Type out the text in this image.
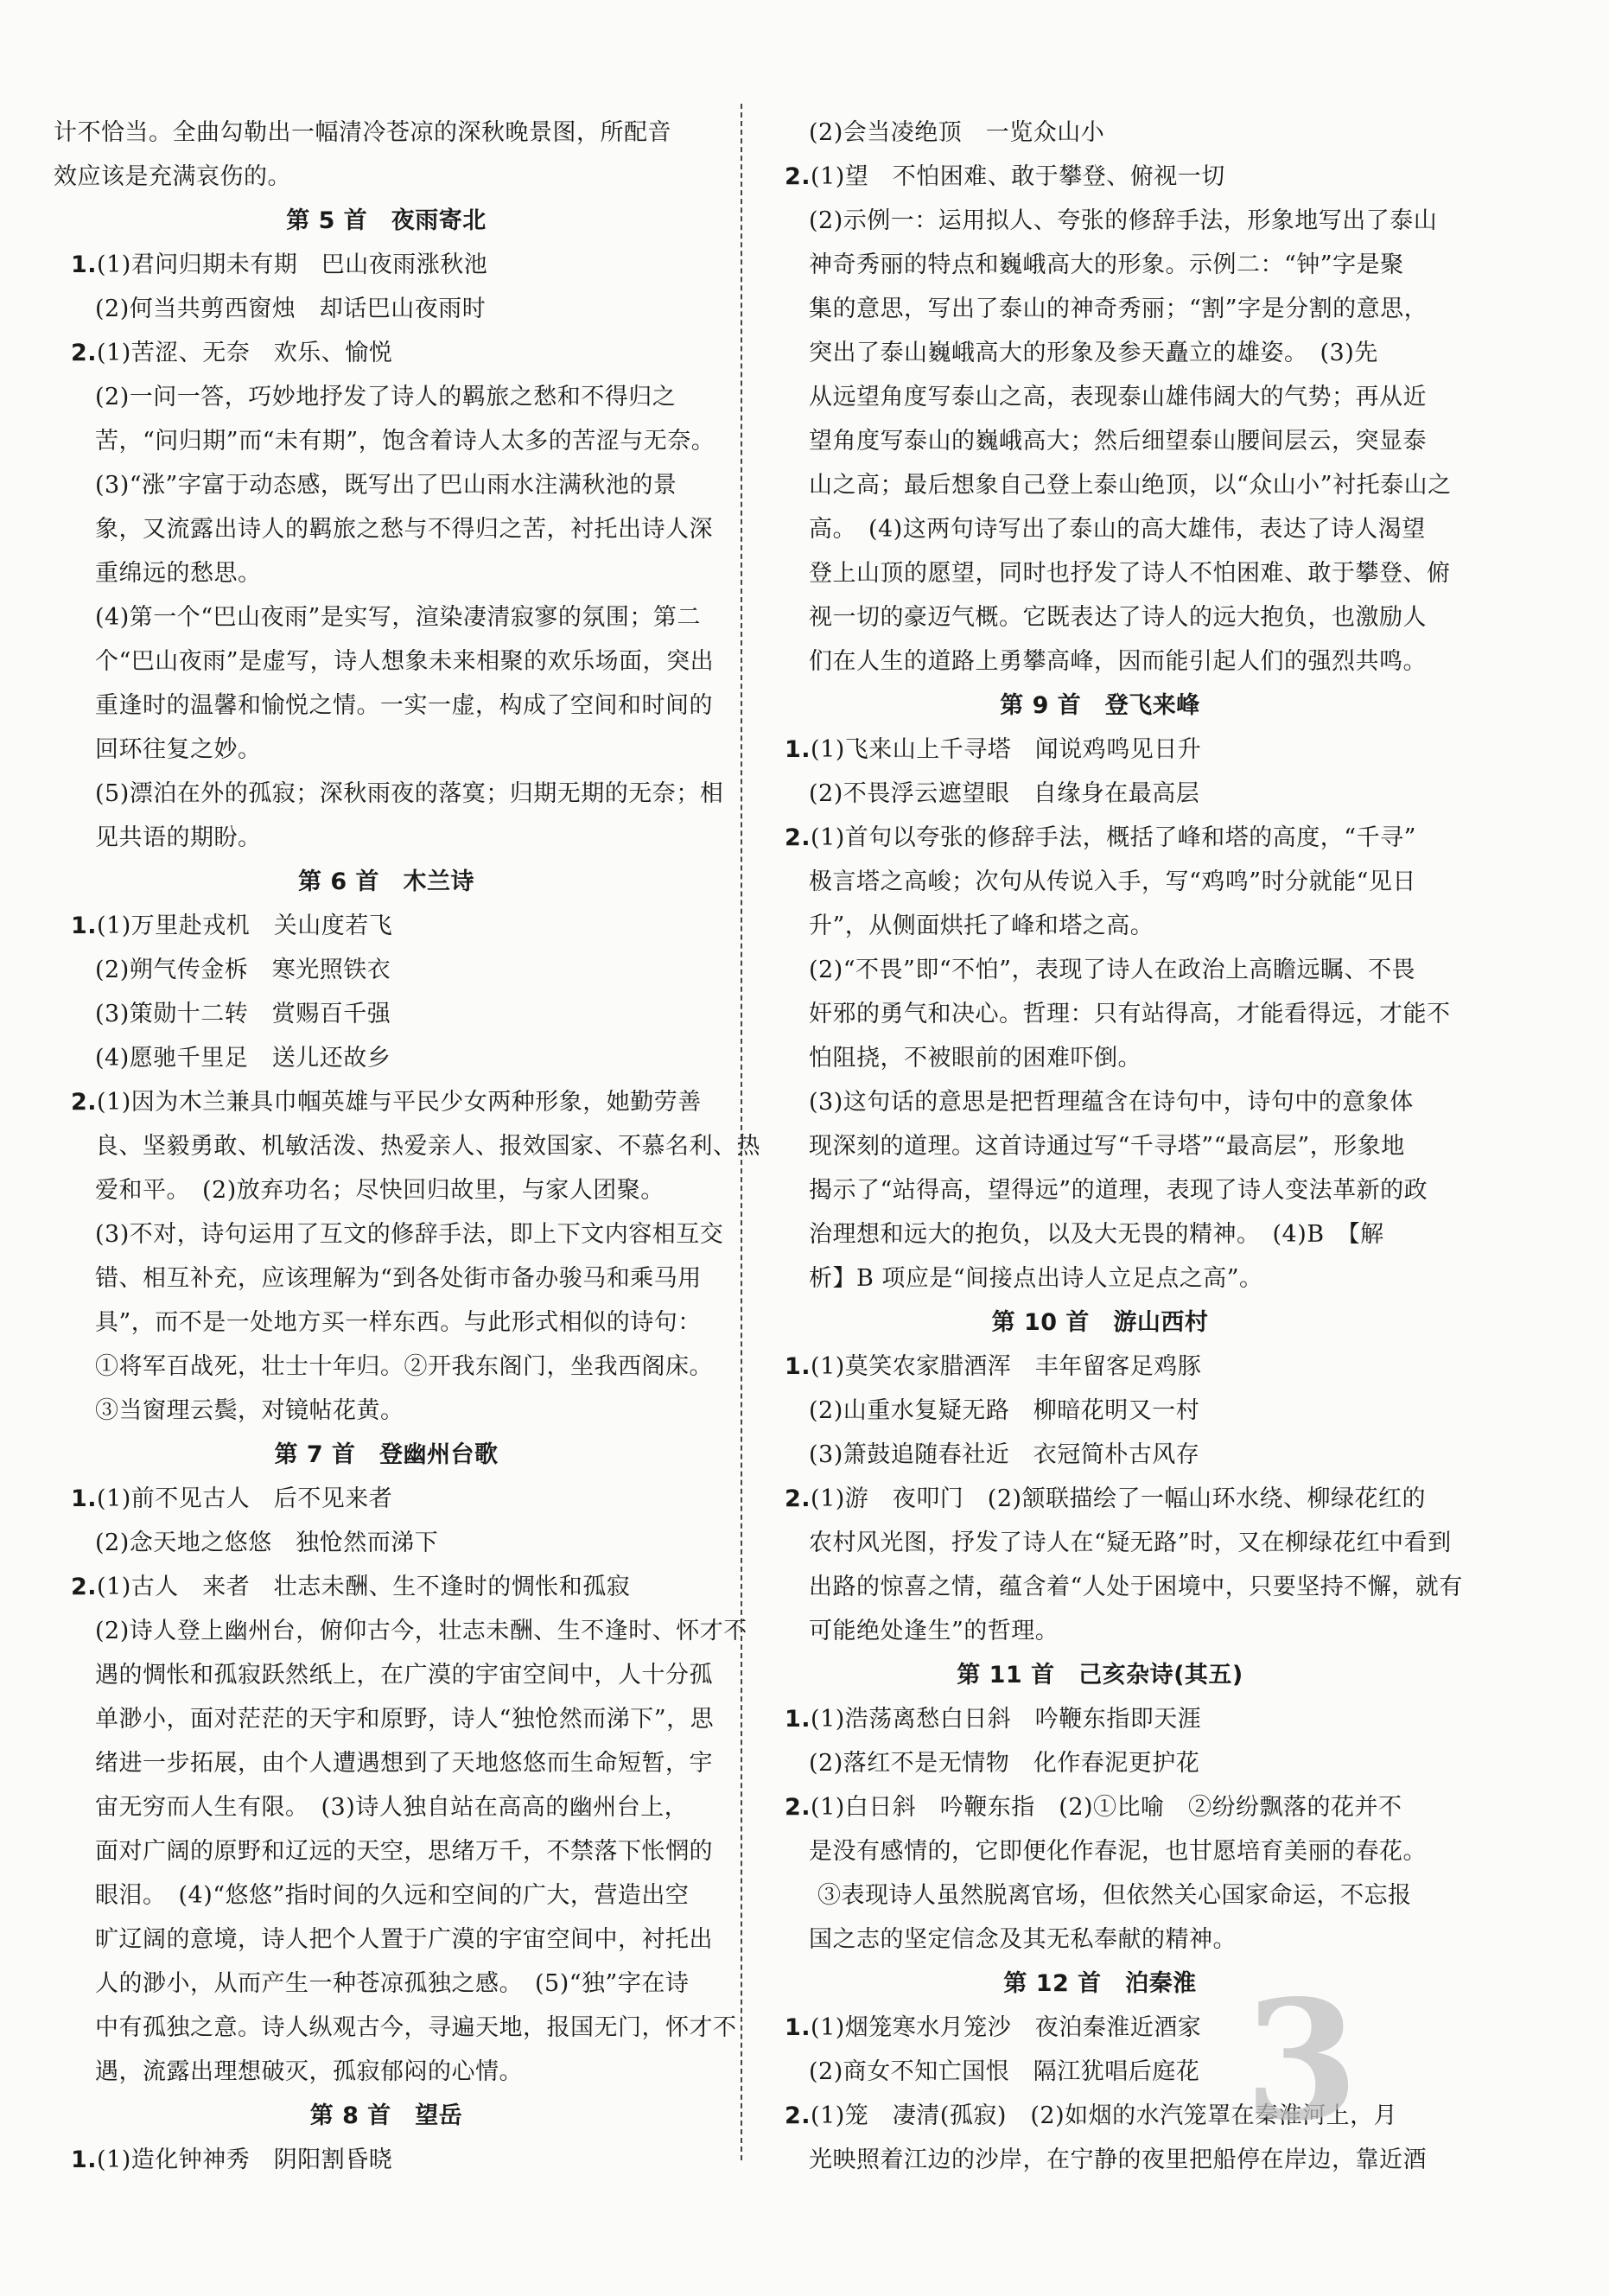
计不恰当。全曲勾勒出一幅清冷苍凉的深秋晚景图，所配音
效应该是充满哀伤的。
第 5 首　夜雨寄北
1.(1)君问归期未有期　巴山夜雨涨秋池
(2)何当共剪西窗烛　却话巴山夜雨时
2.(1)苦涩、无奈　欢乐、愉悦
(2)一问一答，巧妙地抒发了诗人的羁旅之愁和不得归之
苦，“问归期”而“未有期”，饱含着诗人太多的苦涩与无奈。
(3)“涨”字富于动态感，既写出了巴山雨水注满秋池的景
象，又流露出诗人的羁旅之愁与不得归之苦，衬托出诗人深
重绵远的愁思。
(4)第一个“巴山夜雨”是实写，渲染凄清寂寥的氛围；第二
个“巴山夜雨”是虚写，诗人想象未来相聚的欢乐场面，突出
重逢时的温馨和愉悦之情。一实一虚，构成了空间和时间的
回环往复之妙。
(5)漂泊在外的孤寂；深秋雨夜的落寞；归期无期的无奈；相
见共语的期盼。
第 6 首　木兰诗
1.(1)万里赴戎机　关山度若飞
(2)朔气传金柝　寒光照铁衣
(3)策勋十二转　赏赐百千强
(4)愿驰千里足　送儿还故乡
2.(1)因为木兰兼具巾帼英雄与平民少女两种形象，她勤劳善
良、坚毅勇敢、机敏活泼、热爱亲人、报效国家、不慕名利、热
爱和平。　(2)放弃功名；尽快回归故里，与家人团聚。
(3)不对，诗句运用了互文的修辞手法，即上下文内容相互交
错、相互补充，应该理解为“到各处街市备办骏马和乘马用
具”，而不是一处地方买一样东西。与此形式相似的诗句：
①将军百战死，壮士十年归。②开我东阁门，坐我西阁床。
③当窗理云鬓，对镜帖花黄。
第 7 首　登幽州台歌
1.(1)前不见古人　后不见来者
(2)念天地之悠悠　独怆然而涕下
2.(1)古人　来者　壮志未酬、生不逢时的惆怅和孤寂
(2)诗人登上幽州台，俯仰古今，壮志未酬、生不逢时、怀才不
遇的惆怅和孤寂跃然纸上，在广漠的宇宙空间中，人十分孤
单渺小，面对茫茫的天宇和原野，诗人“独怆然而涕下”，思
绪进一步拓展，由个人遭遇想到了天地悠悠而生命短暂，宇
宙无穷而人生有限。　(3)诗人独自站在高高的幽州台上，
面对广阔的原野和辽远的天空，思绪万千，不禁落下怅惘的
眼泪。　(4)“悠悠”指时间的久远和空间的广大，营造出空
旷辽阔的意境，诗人把个人置于广漠的宇宙空间中，衬托出
人的渺小，从而产生一种苍凉孤独之感。　(5)“独”字在诗
中有孤独之意。诗人纵观古今，寻遍天地，报国无门，怀才不
遇，流露出理想破灭，孤寂郁闷的心情。
第 8 首　望岳
1.(1)造化钟神秀　阴阳割昏晓
(2)会当凌绝顶　一览众山小
2.(1)望　不怕困难、敢于攀登、俯视一切
(2)示例一：运用拟人、夸张的修辞手法，形象地写出了泰山
神奇秀丽的特点和巍峨高大的形象。示例二：“钟”字是聚
集的意思，写出了泰山的神奇秀丽；“割”字是分割的意思，
突出了泰山巍峨高大的形象及参天矗立的雄姿。　(3)先
从远望角度写泰山之高，表现泰山雄伟阔大的气势；再从近
望角度写泰山的巍峨高大；然后细望泰山腰间层云，突显泰
山之高；最后想象自己登上泰山绝顶，以“众山小”衬托泰山之
高。　(4)这两句诗写出了泰山的高大雄伟，表达了诗人渴望
登上山顶的愿望，同时也抒发了诗人不怕困难、敢于攀登、俯
视一切的豪迈气概。它既表达了诗人的远大抱负，也激励人
们在人生的道路上勇攀高峰，因而能引起人们的强烈共鸣。
第 9 首　登飞来峰
1.(1)飞来山上千寻塔　闻说鸡鸣见日升
(2)不畏浮云遮望眼　自缘身在最高层
2.(1)首句以夸张的修辞手法，概括了峰和塔的高度，“千寻”
极言塔之高峻；次句从传说入手，写“鸡鸣”时分就能“见日
升”，从侧面烘托了峰和塔之高。
(2)“不畏”即“不怕”，表现了诗人在政治上高瞻远瞩、不畏
奸邪的勇气和决心。哲理：只有站得高，才能看得远，才能不
怕阻挠，不被眼前的困难吓倒。
(3)这句话的意思是把哲理蕴含在诗句中，诗句中的意象体
现深刻的道理。这首诗通过写“千寻塔”“最高层”，形象地
揭示了“站得高，望得远”的道理，表现了诗人变法革新的政
治理想和远大的抱负，以及大无畏的精神。　(4)B　【解
析】B 项应是“间接点出诗人立足点之高”。
第 10 首　游山西村
1.(1)莫笑农家腊酒浑　丰年留客足鸡豚
(2)山重水复疑无路　柳暗花明又一村
(3)箫鼓追随春社近　衣冠简朴古风存
2.(1)游　夜叩门　(2)颔联描绘了一幅山环水绕、柳绿花红的
农村风光图，抒发了诗人在“疑无路”时，又在柳绿花红中看到
出路的惊喜之情，蕴含着“人处于困境中，只要坚持不懈，就有
可能绝处逢生”的哲理。
第 11 首　己亥杂诗(其五)
1.(1)浩荡离愁白日斜　吟鞭东指即天涯
(2)落红不是无情物　化作春泥更护花
2.(1)白日斜　吟鞭东指　(2)①比喻　②纷纷飘落的花并不
是没有感情的，它即便化作春泥，也甘愿培育美丽的春花。
③表现诗人虽然脱离官场，但依然关心国家命运，不忘报
国之志的坚定信念及其无私奉献的精神。
第 12 首　泊秦淮
1.(1)烟笼寒水月笼沙　夜泊秦淮近酒家
(2)商女不知亡国恨　隔江犹唱后庭花
2.(1)笼　凄清(孤寂)　(2)如烟的水汽笼罩在秦淮河上，月
光映照着江边的沙岸，在宁静的夜里把船停在岸边，靠近酒
3
